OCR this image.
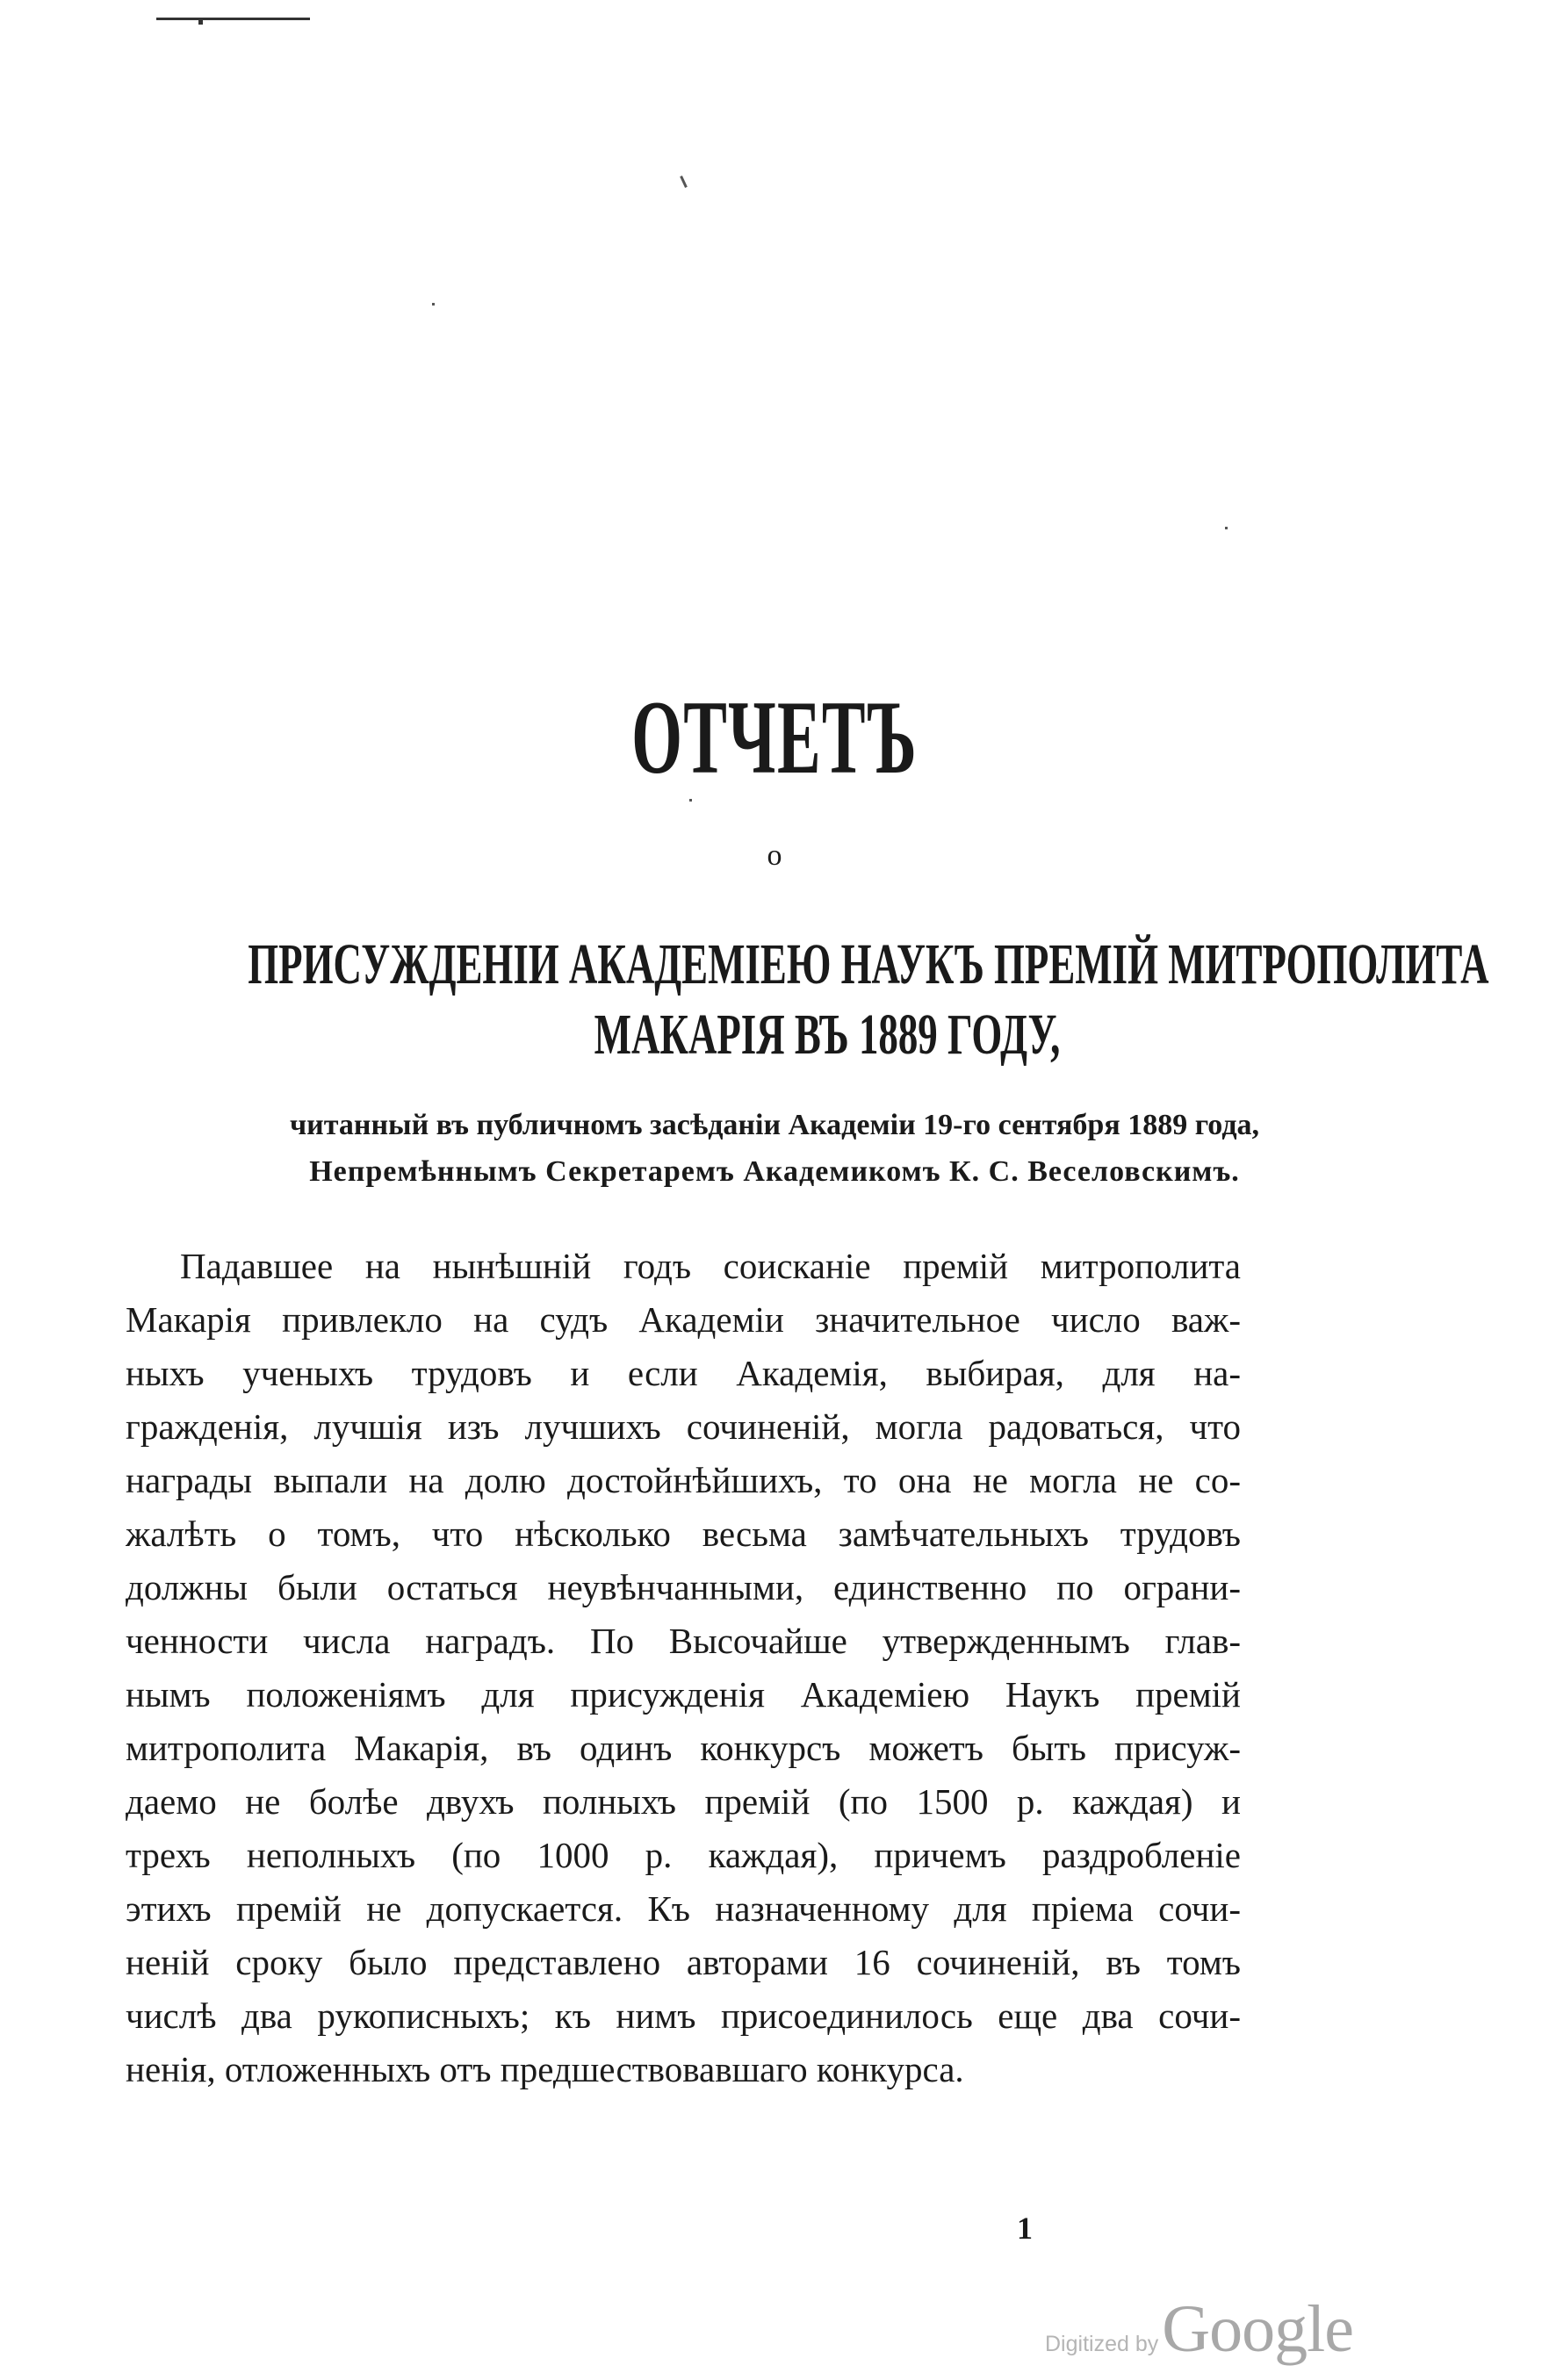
ОТЧЕТЪ
о
ПРИСУЖДЕНІИ АКАДЕМІЕЮ НАУКЪ ПРЕМІЙ МИТРОПОЛИТА
МАКАРІЯ ВЪ 1889 ГОДУ,
читанный въ публичномъ засѣданіи Академіи 19-го сентября 1889 года,
Непремѣннымъ Секретаремъ Академикомъ К. С. Веселовскимъ.
Падавшее на нынѣшній годъ соисканіе премій митрополита
Макарія привлекло на судъ Академіи значительное число важ-
ныхъ ученыхъ трудовъ и если Академія, выбирая, для на-
гражденія, лучшія изъ лучшихъ сочиненій, могла радоваться, что
награды выпали на долю достойнѣйшихъ, то она не могла не со-
жалѣть о томъ, что нѣсколько весьма замѣчательныхъ трудовъ
должны были остаться неувѣнчанными, единственно по ограни-
ченности числа наградъ. По Высочайше утвержденнымъ глав-
нымъ положеніямъ для присужденія Академіею Наукъ премій
митрополита Макарія, въ одинъ конкурсъ можетъ быть присуж-
даемо не болѣе двухъ полныхъ премій (по 1500 р. каждая) и
трехъ неполныхъ (по 1000 р. каждая), причемъ раздробленіе
этихъ премій не допускается. Къ назначенному для пріема сочи-
неній сроку было представлено авторами 16 сочиненій, въ томъ
числѣ два рукописныхъ; къ нимъ присоединилось еще два сочи-
ненія, отложенныхъ отъ предшествовавшаго конкурса.
1
Digitized by Google
